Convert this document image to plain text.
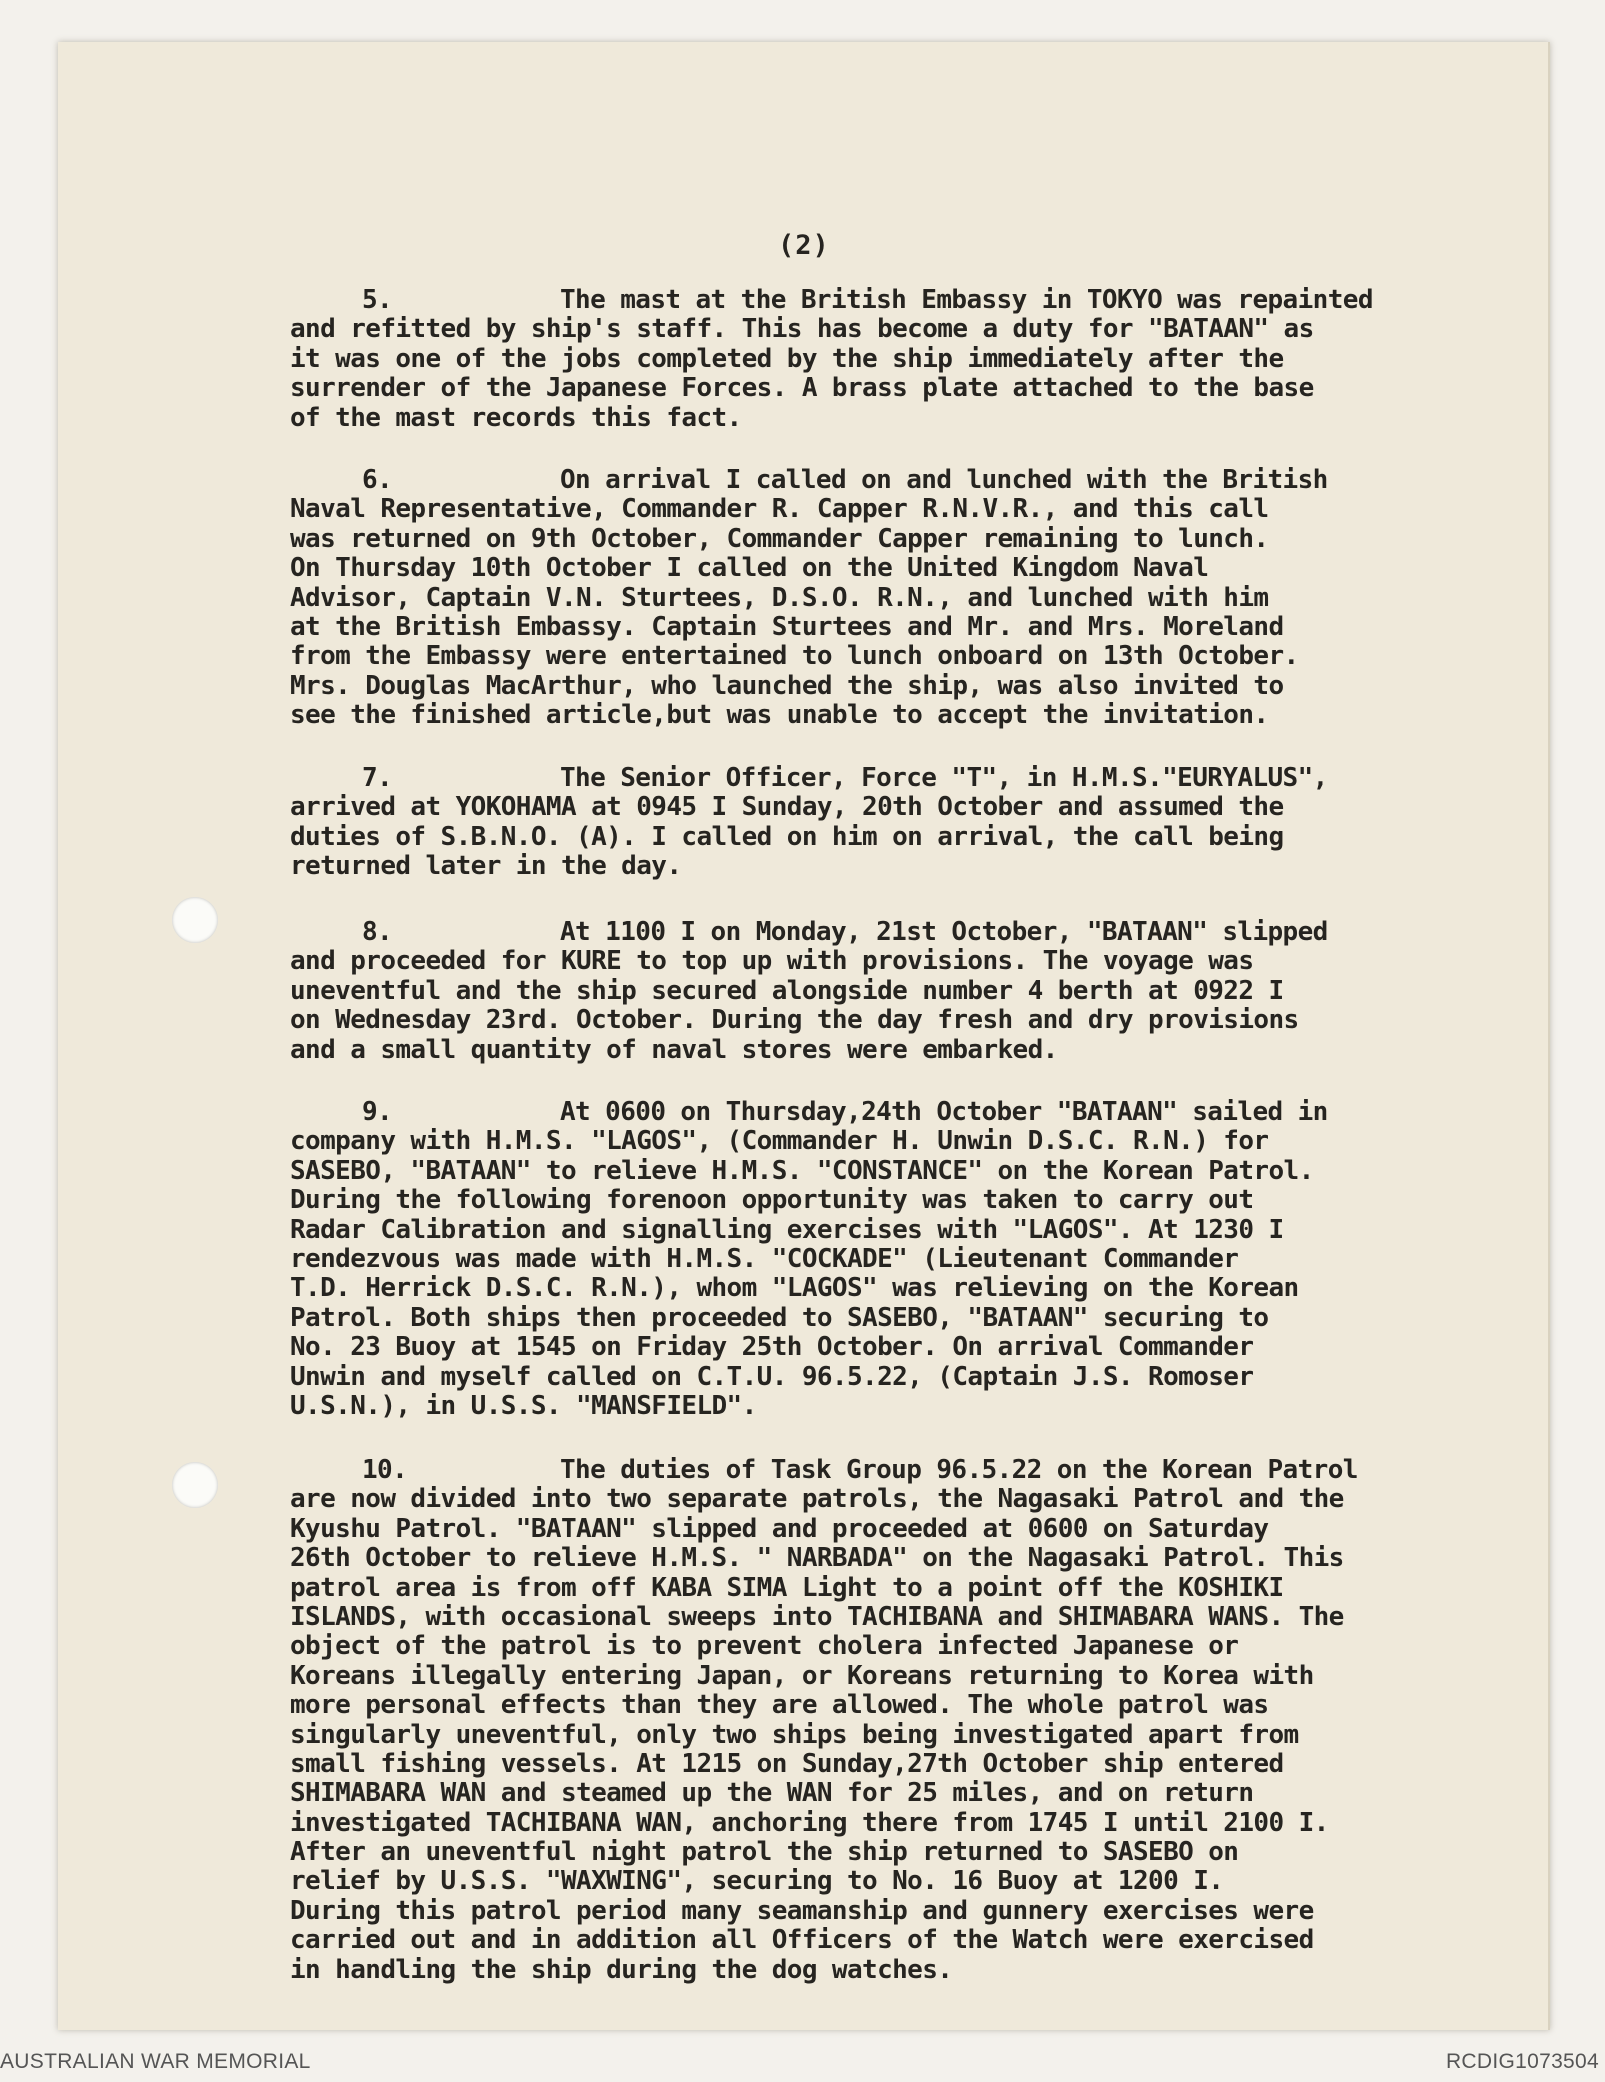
(2)
5.	The mast at the British Embassy in TOKYO was repainted
and refitted by ship's staff. This has become a duty for "BATAAN" as
it was one of the jobs completed by the ship immediately after the
surrender of the Japanese Forces. A brass plate attached to the base
of the mast records this fact.
6.	On arrival I called on and lunched with the British
Naval Representative, Commander R. Capper R.N.V.R., and this call
was returned on 9th October, Commander Capper remaining to lunch.
On Thursday 10th October I called on the United Kingdom Naval
Advisor, Captain V.N. Sturtees, D.S.O. R.N., and lunched with him
at the British Embassy. Captain Sturtees and Mr. and Mrs. Moreland
from the Embassy were entertained to lunch onboard on 13th October.
Mrs. Douglas MacArthur, who launched the ship, was also invited to
see the finished article,but was unable to accept the invitation.
7.	The Senior Officer, Force "T", in H.M.S."EURYALUS",
arrived at YOKOHAMA at 0945 I Sunday, 20th October and assumed the
duties of S.B.N.O. (A). I called on him on arrival, the call being
returned later in the day.
8.	At 1100 I on Monday, 21st October, "BATAAN" slipped
and proceeded for KURE to top up with provisions. The voyage was
uneventful and the ship secured alongside number 4 berth at 0922 I
on Wednesday 23rd. October. During the day fresh and dry provisions
and a small quantity of naval stores were embarked.
9.	At 0600 on Thursday,24th October "BATAAN" sailed in
company with H.M.S. "LAGOS", (Commander H. Unwin D.S.C. R.N.) for
SASEBO, "BATAAN" to relieve H.M.S. "CONSTANCE" on the Korean Patrol.
During the following forenoon opportunity was taken to carry out
Radar Calibration and signalling exercises with "LAGOS". At 1230 I
rendezvous was made with H.M.S. "COCKADE" (Lieutenant Commander
T.D. Herrick D.S.C. R.N.), whom "LAGOS" was relieving on the Korean
Patrol. Both ships then proceeded to SASEBO, "BATAAN" securing to
No. 23 Buoy at 1545 on Friday 25th October. On arrival Commander
Unwin and myself called on C.T.U. 96.5.22, (Captain J.S. Romoser
U.S.N.), in U.S.S. "MANSFIELD".
10.	The duties of Task Group 96.5.22 on the Korean Patrol
are now divided into two separate patrols, the Nagasaki Patrol and the
Kyushu Patrol. "BATAAN" slipped and proceeded at 0600 on Saturday
26th October to relieve H.M.S. " NARBADA" on the Nagasaki Patrol. This
patrol area is from off KABA SIMA Light to a point off the KOSHIKI
ISLANDS, with occasional sweeps into TACHIBANA and SHIMABARA WANS. The
object of the patrol is to prevent cholera infected Japanese or
Koreans illegally entering Japan, or Koreans returning to Korea with
more personal effects than they are allowed. The whole patrol was
singularly uneventful, only two ships being investigated apart from
small fishing vessels. At 1215 on Sunday,27th October ship entered
SHIMABARA WAN and steamed up the WAN for 25 miles, and on return
investigated TACHIBANA WAN, anchoring there from 1745 I until 2100 I.
After an uneventful night patrol the ship returned to SASEBO on
relief by U.S.S. "WAXWING", securing to No. 16 Buoy at 1200 I.
During this patrol period many seamanship and gunnery exercises were
carried out and in addition all Officers of the Watch were exercised
in handling the ship during the dog watches.
AUSTRALIAN WAR MEMORIAL	RCDIG1073504
